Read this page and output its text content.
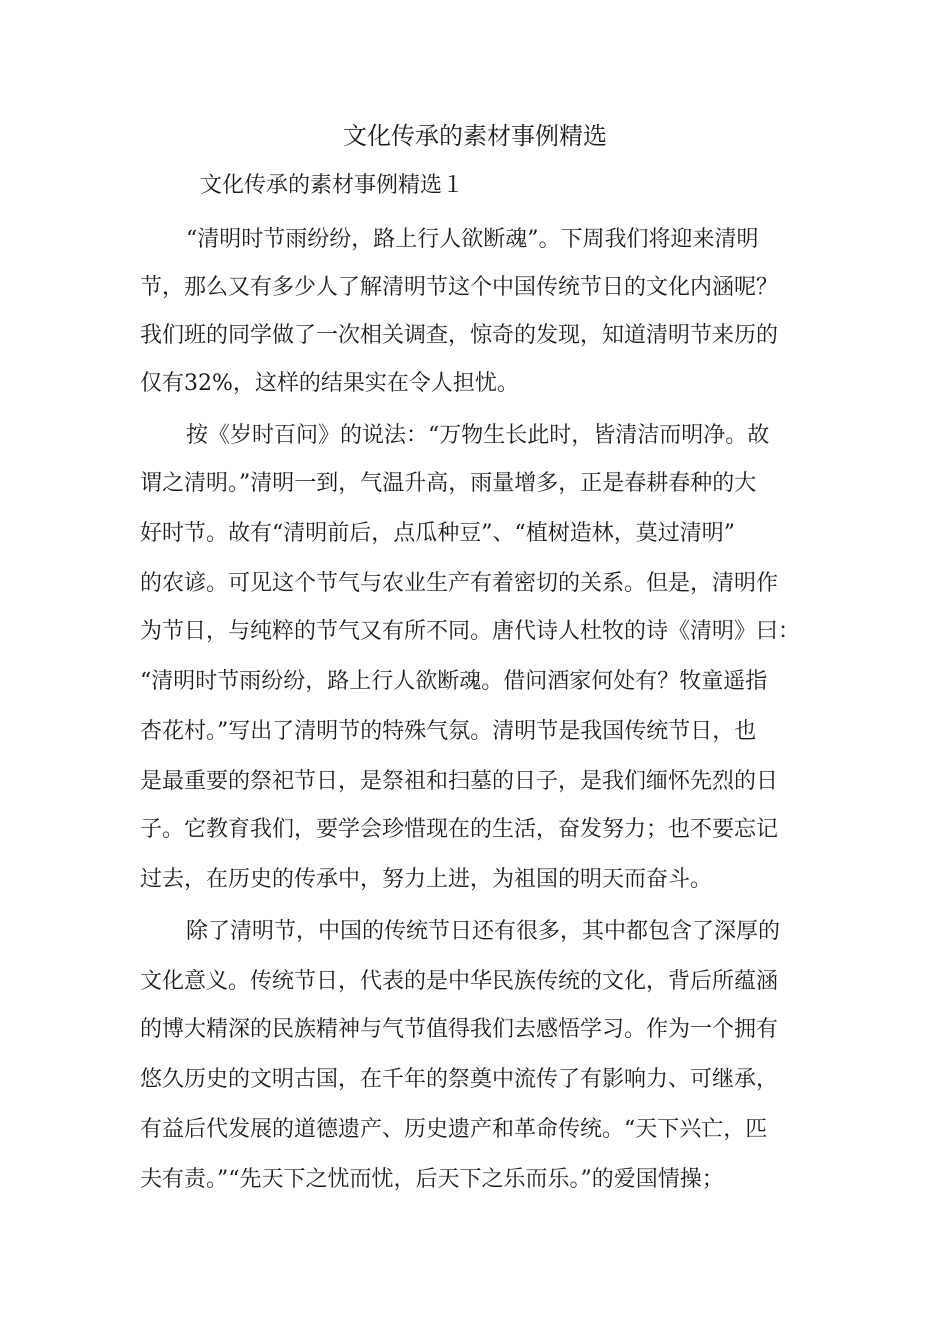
文化传承的素材事例精选
文化传承的素材事例精选１
“清明时节雨纷纷，路上行人欲断魂”。下周我们将迎来清明
节，那么又有多少人了解清明节这个中国传统节日的文化内涵呢？
我们班的同学做了一次相关调查，惊奇的发现，知道清明节来历的
仅有32%，这样的结果实在令人担忧。
按《岁时百问》的说法：“万物生长此时，皆清洁而明净。故
谓之清明。”清明一到，气温升高，雨量增多，正是春耕春种的大
好时节。故有“清明前后，点瓜种豆”、“植树造林，莫过清明”
的农谚。可见这个节气与农业生产有着密切的关系。但是，清明作
为节日，与纯粹的节气又有所不同。唐代诗人杜牧的诗《清明》曰：
“清明时节雨纷纷，路上行人欲断魂。借问酒家何处有？牧童遥指
杏花村。”写出了清明节的特殊气氛。清明节是我国传统节日，也
是最重要的祭祀节日，是祭祖和扫墓的日子，是我们缅怀先烈的日
子。它教育我们，要学会珍惜现在的生活，奋发努力；也不要忘记
过去，在历史的传承中，努力上进，为祖国的明天而奋斗。
除了清明节，中国的传统节日还有很多，其中都包含了深厚的
文化意义。传统节日，代表的是中华民族传统的文化，背后所蕴涵
的博大精深的民族精神与气节值得我们去感悟学习。作为一个拥有
悠久历史的文明古国，在千年的祭奠中流传了有影响力、可继承，
有益后代发展的道德遗产、历史遗产和革命传统。“天下兴亡，匹
夫有责。”“先天下之忧而忧，后天下之乐而乐。”的爱国情操；
